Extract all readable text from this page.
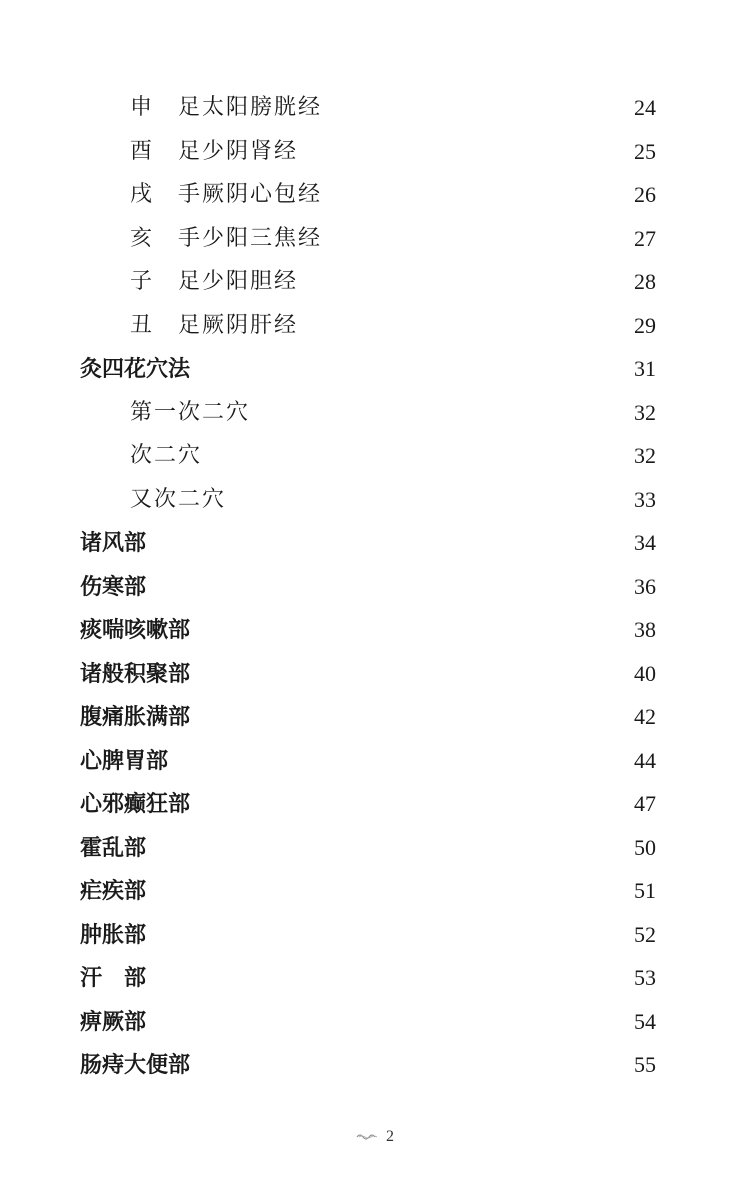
申　足太阳膀胱经	24
酉　足少阴肾经	25
戌　手厥阴心包经	26
亥　手少阳三焦经	27
子　足少阳胆经	28
丑　足厥阴肝经	29
灸四花穴法	31
第一次二穴	32
次二穴	32
又次二穴	33
诸风部	34
伤寒部	36
痰喘咳嗽部	38
诸般积聚部	40
腹痛胀满部	42
心脾胃部	44
心邪癫狂部	47
霍乱部	50
疟疾部	51
肿胀部	52
汗　部	53
痹厥部	54
肠痔大便部	55
2
